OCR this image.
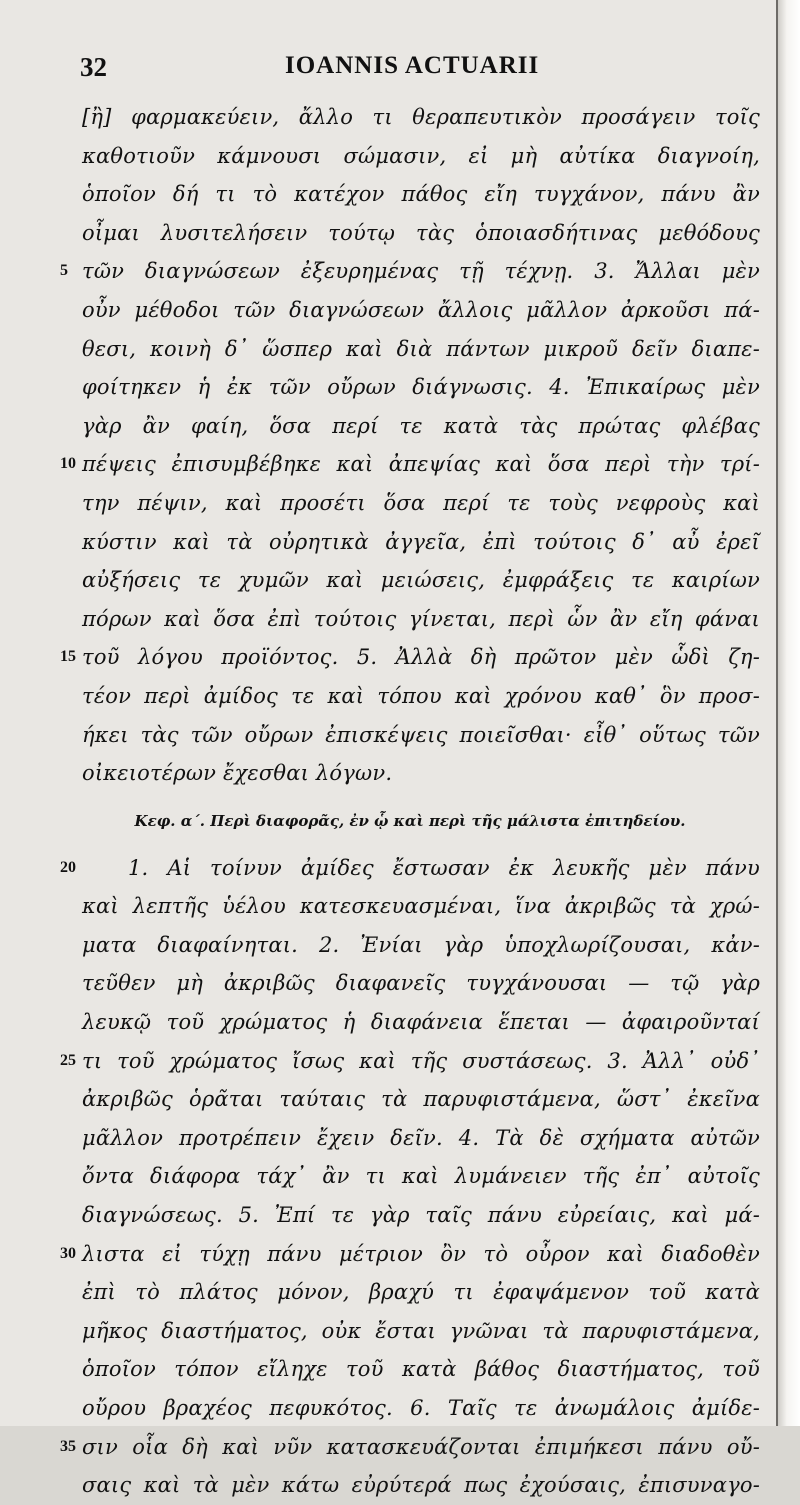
32	IOANNIS ACTUARII
[ἢ] φαρμακεύειν, ἄλλο τι θεραπευτικὸν προσάγειν τοῖς
καθοτιοῦν κάμνουσι σώμασιν, εἰ μὴ αὐτίκα διαγνοίη,
ὁποῖον δή τι τὸ κατέχον πάθος εἴη τυγχάνον, πάνυ ἂν
οἶμαι λυσιτελήσειν τούτῳ τὰς ὁποιασδήτινας μεθόδους
5 τῶν διαγνώσεων ἐξευρημένας τῇ τέχνῃ. 3. Ἄλλαι μὲν
οὖν μέθοδοι τῶν διαγνώσεων ἄλλοις μᾶλλον ἀρκοῦσι πά-
θεσι, κοινὴ δ᾽ ὥσπερ καὶ διὰ πάντων μικροῦ δεῖν διαπε-
φοίτηκεν ἡ ἐκ τῶν οὔρων διάγνωσις. 4. Ἐπικαίρως μὲν
γὰρ ἂν φαίη, ὅσα περί τε κατὰ τὰς πρώτας φλέβας
10 πέψεις ἐπισυμβέβηκε καὶ ἀπεψίας καὶ ὅσα περὶ τὴν τρί-
την πέψιν, καὶ προσέτι ὅσα περί τε τοὺς νεφροὺς καὶ
κύστιν καὶ τὰ οὐρητικὰ ἀγγεῖα, ἐπὶ τούτοις δ᾽ αὖ ἐρεῖ
αὐξήσεις τε χυμῶν καὶ μειώσεις, ἐμφράξεις τε καιρίων
πόρων καὶ ὅσα ἐπὶ τούτοις γίνεται, περὶ ὧν ἂν εἴη φάναι
15 τοῦ λόγου προϊόντος. 5. Ἀλλὰ δὴ πρῶτον μὲν ὧδὶ ζη-
τέον περὶ ἀμίδος τε καὶ τόπου καὶ χρόνου καθ᾽ ὃν προσ-
ήκει τὰς τῶν οὔρων ἐπισκέψεις ποιεῖσθαι· εἶθ᾽ οὕτως τῶν
οἰκειοτέρων ἔχεσθαι λόγων.
Κεφ. α΄. Περὶ διαφορᾶς, ἐν ᾧ καὶ περὶ τῆς μάλιστα ἐπιτηδείου.
20	1. Αἱ τοίνυν ἀμίδες ἔστωσαν ἐκ λευκῆς μὲν πάνυ
καὶ λεπτῆς ὑέλου κατεσκευασμέναι, ἵνα ἀκριβῶς τὰ χρώ-
ματα διαφαίνηται. 2. Ἐνίαι γὰρ ὑποχλωρίζουσαι, κἀν-
τεῦθεν μὴ ἀκριβῶς διαφανεῖς τυγχάνουσαι — τῷ γὰρ
λευκῷ τοῦ χρώματος ἡ διαφάνεια ἕπεται — ἀφαιροῦνταί
25 τι τοῦ χρώματος ἴσως καὶ τῆς συστάσεως. 3. Ἀλλ᾽ οὐδ᾽
ἀκριβῶς ὁρᾶται ταύταις τὰ παρυφιστάμενα, ὥστ᾽ ἐκεῖνα
μᾶλλον προτρέπειν ἔχειν δεῖν. 4. Τὰ δὲ σχήματα αὐτῶν
ὄντα διάφορα τάχ᾽ ἂν τι καὶ λυμάνειεν τῆς ἐπ᾽ αὐτοῖς
διαγνώσεως. 5. Ἐπί τε γὰρ ταῖς πάνυ εὐρείαις, καὶ μά-
30 λιστα εἰ τύχῃ πάνυ μέτριον ὂν τὸ οὖρον καὶ διαδοθὲν
ἐπὶ τὸ πλάτος μόνον, βραχύ τι ἐφαψάμενον τοῦ κατὰ
μῆκος διαστήματος, οὐκ ἔσται γνῶναι τὰ παρυφιστάμενα,
ὁποῖον τόπον εἴληχε τοῦ κατὰ βάθος διαστήματος, τοῦ
οὔρου βραχέος πεφυκότος. 6. Ταῖς τε ἀνωμάλοις ἀμίδε-
35 σιν οἷα δὴ καὶ νῦν κατασκευάζονται ἐπιμήκεσι πάνυ οὔ-
σαις καὶ τὰ μὲν κάτω εὐρύτερά πως ἐχούσαις, ἐπισυναγο-
